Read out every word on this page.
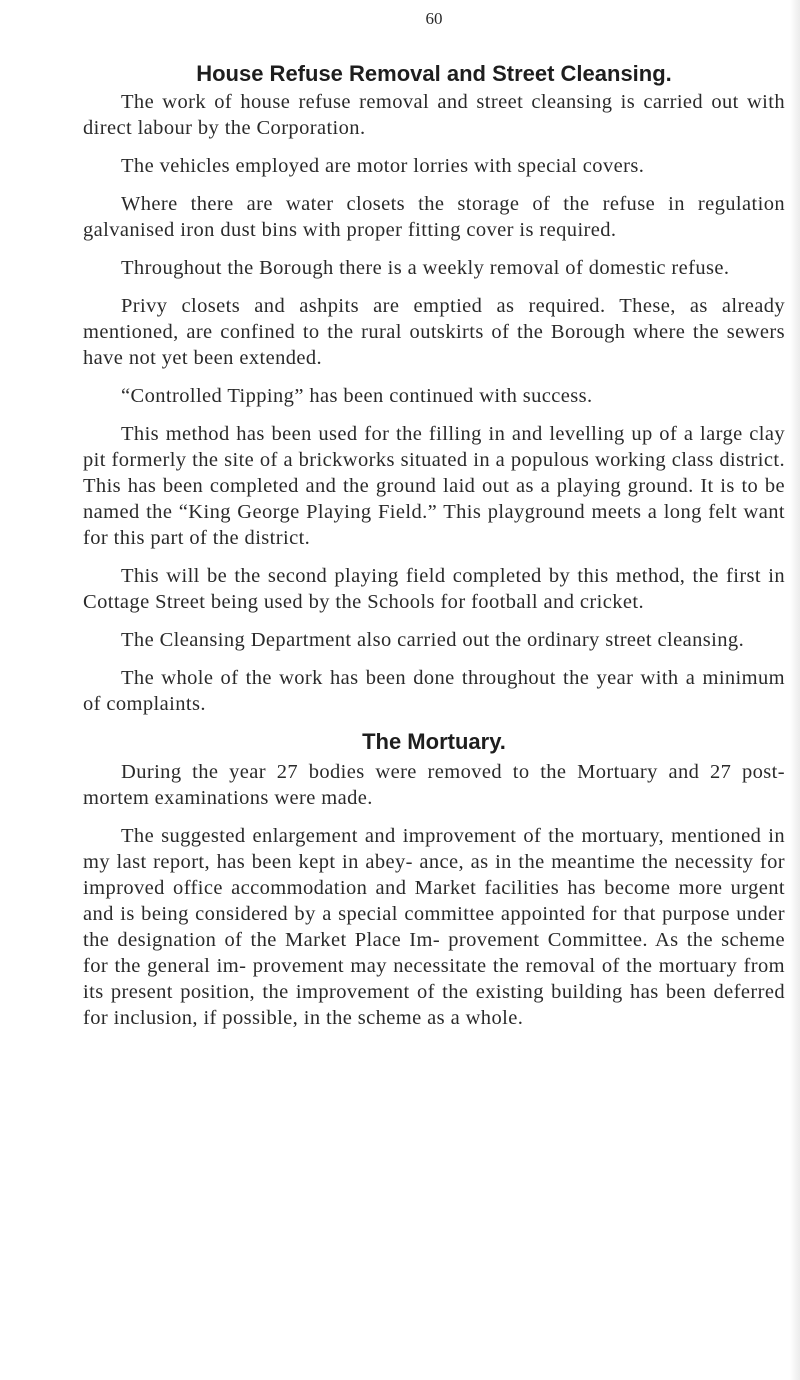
60
House Refuse Removal and Street Cleansing.

The work of house refuse removal and street cleansing is carried out with direct labour by the Corporation.

The vehicles employed are motor lorries with special covers.

Where there are water closets the storage of the refuse in regulation galvanised iron dust bins with proper fitting cover is required.

Throughout the Borough there is a weekly removal of domestic refuse.

Privy closets and ashpits are emptied as required. These, as already mentioned, are confined to the rural outskirts of the Borough where the sewers have not yet been extended.

“Controlled Tipping” has been continued with success.

This method has been used for the filling in and levelling up of a large clay pit formerly the site of a brickworks situated in a populous working class district. This has been completed and the ground laid out as a playing ground. It is to be named the “King George Playing Field.” This playground meets a long felt want for this part of the district.

This will be the second playing field completed by this method, the first in Cottage Street being used by the Schools for football and cricket.

The Cleansing Department also carried out the ordinary street cleansing.

The whole of the work has been done throughout the year with a minimum of complaints.

The Mortuary.

During the year 27 bodies were removed to the Mortuary and 27 post-mortem examinations were made.

The suggested enlargement and improvement of the mortuary, mentioned in my last report, has been kept in abey- ance, as in the meantime the necessity for improved office accommodation and Market facilities has become more urgent and is being considered by a special committee appointed for that purpose under the designation of the Market Place Im- provement Committee. As the scheme for the general im- provement may necessitate the removal of the mortuary from its present position, the improvement of the existing building has been deferred for inclusion, if possible, in the scheme as a whole.
